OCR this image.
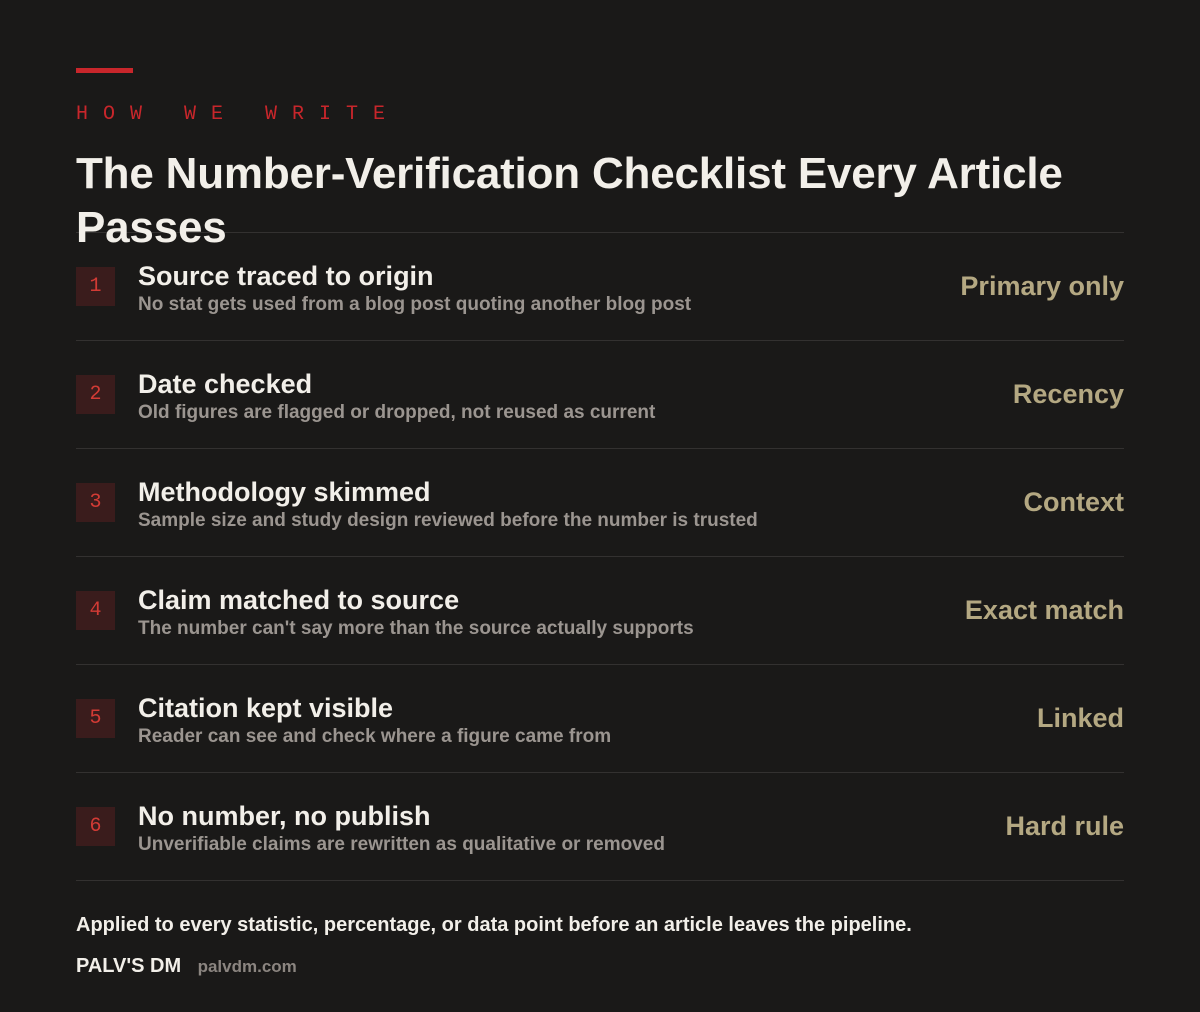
HOW WE WRITE
The Number-Verification Checklist Every Article Passes
1	Source traced to origin
No stat gets used from a blog post quoting another blog post
Primary only
2	Date checked
Old figures are flagged or dropped, not reused as current
Recency
3	Methodology skimmed
Sample size and study design reviewed before the number is trusted
Context
4	Claim matched to source
The number can't say more than the source actually supports
Exact match
5	Citation kept visible
Reader can see and check where a figure came from
Linked
6	No number, no publish
Unverifiable claims are rewritten as qualitative or removed
Hard rule
Applied to every statistic, percentage, or data point before an article leaves the pipeline.
PALV'S DM palvdm.com
